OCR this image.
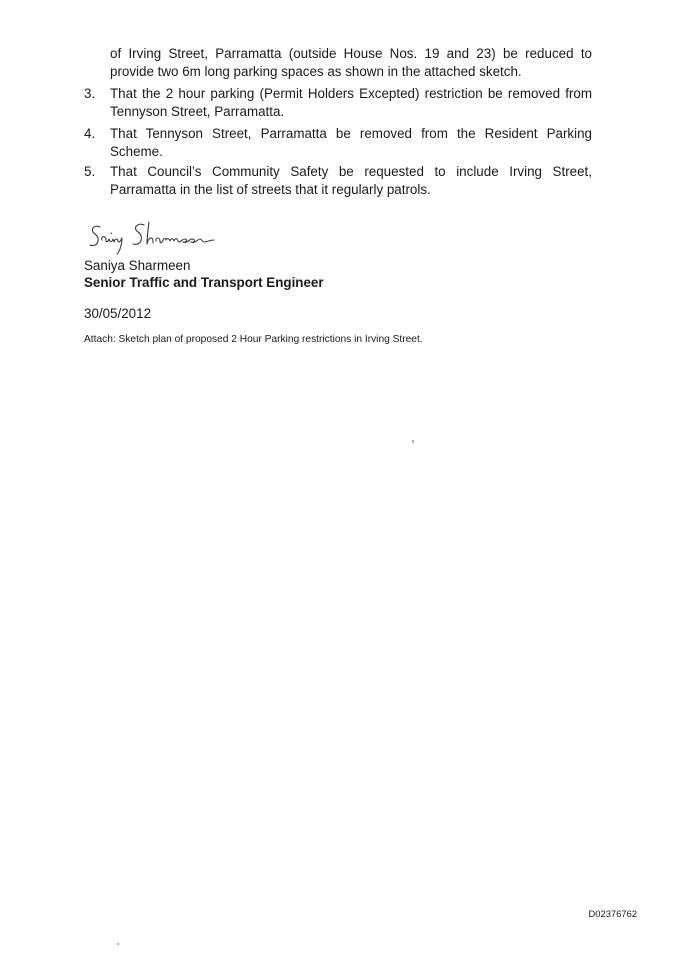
of Irving Street, Parramatta (outside House Nos. 19 and 23) be reduced to provide two 6m long parking spaces as shown in the attached sketch.

3.	That the 2 hour parking (Permit Holders Excepted) restriction be removed from Tennyson Street, Parramatta.
4.	That Tennyson Street, Parramatta be removed from the Resident Parking Scheme.
5.	That Council’s Community Safety be requested to include Irving Street, Parramatta in the list of streets that it regularly patrols.
Saniya Sharmeen
Senior Traffic and Transport Engineer
30/05/2012
Attach: Sketch plan of proposed 2 Hour Parking restrictions in Irving Street.
D02376762
